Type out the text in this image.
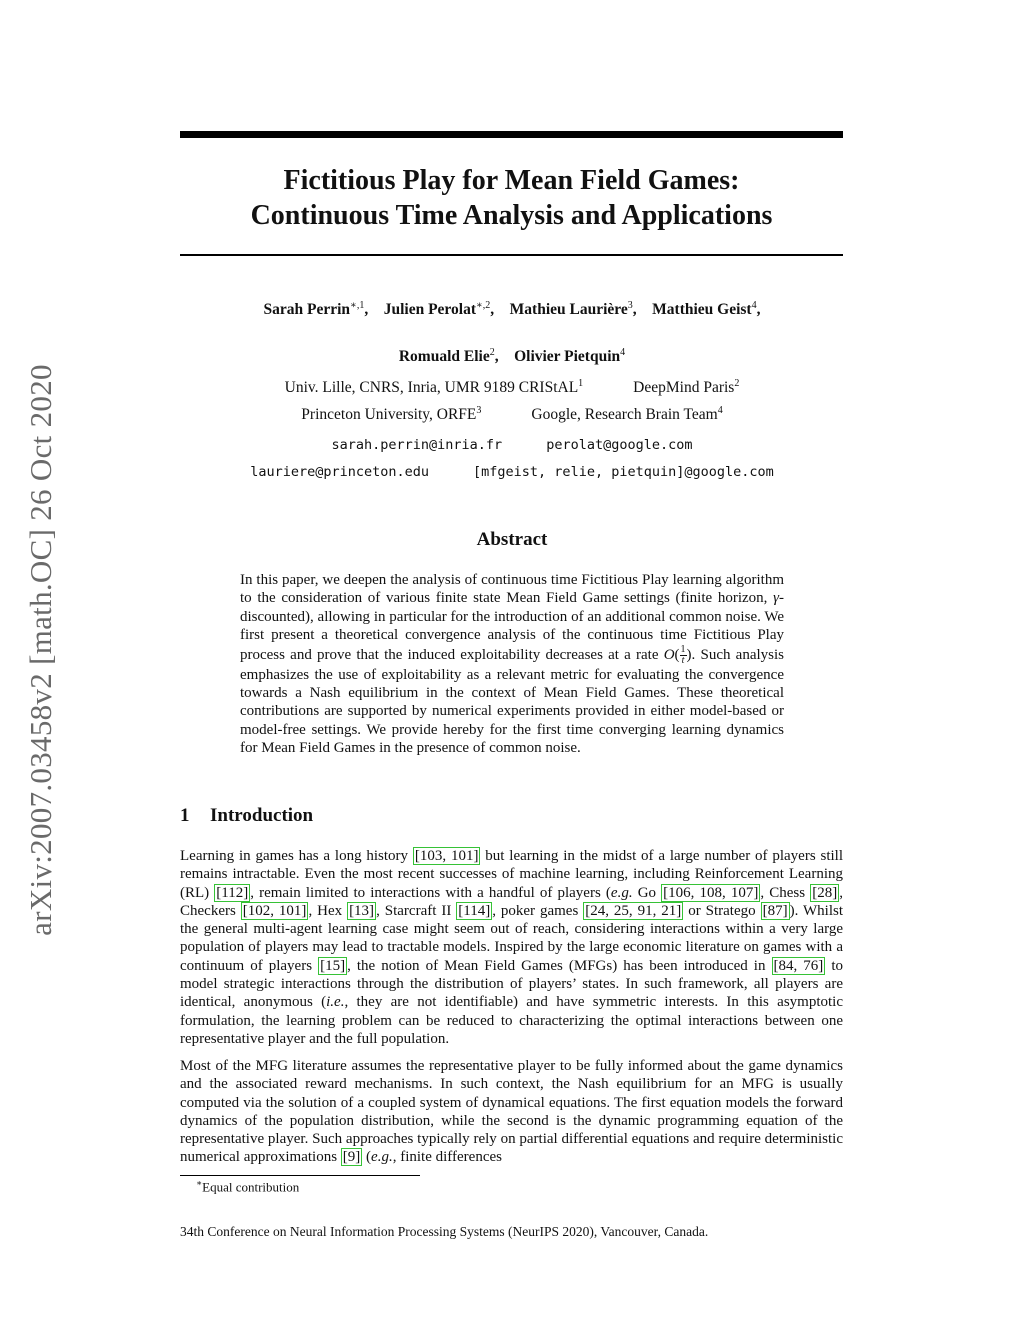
arXiv:2007.03458v2 [math.OC] 26 Oct 2020
Fictitious Play for Mean Field Games:
Continuous Time Analysis and Applications
Sarah Perrin$^{∗,1}$,    Julien Perolat$^{∗,2}$,    Mathieu Laurière$^3$,    Matthieu Geist$^4$,
Romuald Elie$^2$,    Olivier Pietquin$^4$
Univ. Lille, CNRS, Inria, UMR 9189 CRIStAL$^1$	DeepMind Paris$^2$
Princeton University, ORFE$^3$	Google, Research Brain Team$^4$
sarah.perrin@inria.fr	perolat@google.com
lauriere@princeton.edu	[mfgeist, relie, pietquin]@google.com
Abstract
In this paper, we deepen the analysis of continuous time Fictitious Play learning algorithm to the consideration of various finite state Mean Field Game settings (finite horizon, γ-discounted), allowing in particular for the introduction of an additional common noise. We first present a theoretical convergence analysis of the continuous time Fictitious Play process and prove that the induced exploitability decreases at a rate $O( \frac{1}{t}$ ). Such analysis emphasizes the use of exploitability as a relevant metric for evaluating the convergence towards a Nash equilibrium in the context of Mean Field Games. These theoretical contributions are supported by numerical experiments provided in either model-based or model-free settings. We provide hereby for the first time converging learning dynamics for Mean Field Games in the presence of common noise.
1 Introduction
Learning in games has a long history [103, 101] but learning in the midst of a large number of players still remains intractable. Even the most recent successes of machine learning, including Reinforcement Learning (RL) [112] , remain limited to interactions with a handful of players (e.g. Go [106, 108, 107] , Chess [28] , Checkers [102, 101] , Hex [13] , Starcraft II [114] , poker games [24, 25, 91, 21] or Stratego [87] ). Whilst the general multi-agent learning case might seem out of reach, considering interactions within a very large population of players may lead to tractable models. Inspired by the large economic literature on games with a continuum of players [15] , the notion of Mean Field Games (MFGs) has been introduced in [84, 76] to model strategic interactions through the distribution of players’ states. In such framework, all players are identical, anonymous (i.e., they are not identifiable) and have symmetric interests. In this asymptotic formulation, the learning problem can be reduced to characterizing the optimal interactions between one representative player and the full population.
Most of the MFG literature assumes the representative player to be fully informed about the game dynamics and the associated reward mechanisms. In such context, the Nash equilibrium for an MFG is usually computed via the solution of a coupled system of dynamical equations. The first equation models the forward dynamics of the population distribution, while the second is the dynamic programming equation of the representative player. Such approaches typically rely on partial differential equations and require deterministic numerical approximations [9] (e.g., finite differences
∗Equal contribution
34th Conference on Neural Information Processing Systems (NeurIPS 2020), Vancouver, Canada.
